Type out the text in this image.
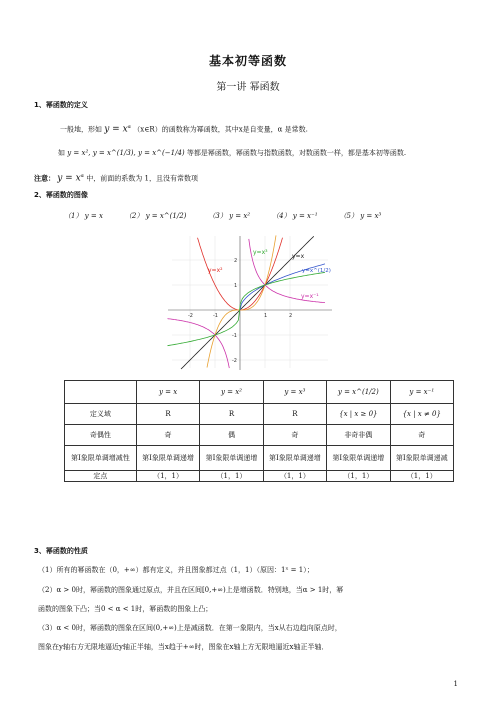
基本初等函数
第一讲 幂函数
1、幂函数的定义
一般地，形如 $y = x^\alpha$ （x∈R）的函数称为幂函数，其中x是自变量，α 是常数.
如 y = x², y = x^(1/3), y = x^(−1/4) 等都是幂函数，幂函数与指数函数，对数函数一样，都是基本初等函数.
注意： $y = x^\alpha$ 中，前面的系数为 1，且没有常数项
2、幂函数的图像
（1） y = x	（2） y = x^(1/2)	（3） y = x²	（4） y = x⁻¹	（5） y = x³
y=x²
y=x³
y=x
y=x^(1/2)
y=x⁻¹
-2	-1	1	2
2
1
-1
-2
	y = x	y = x²	y = x³	y = x^(1/2)	y = x⁻¹
定义域	R	R	R	{x | x ≥ 0}	{x | x ≠ 0}
奇偶性	奇	偶	奇	非奇非偶	奇
第Ⅰ象限单调增减性	第Ⅰ象限单调递增	第Ⅰ象限单调递增	第Ⅰ象限单调递增	第Ⅰ象限单调递增	第Ⅰ象限单调递减
定点	（1，1）	（1，1）	（1，1）	（1，1）	（1，1）
3、幂函数的性质
（1）所有的幂函数在（0，+∞）都有定义，并且图象都过点（1，1）（原因：1ˣ = 1）；
（2）α > 0时，幂函数的图象通过原点，并且在区间[0,+∞)上是增函数．特别地，当α > 1时，幂
函数的图象下凸；当0 < α < 1时，幂函数的图象上凸；
（3）α < 0时，幂函数的图象在区间(0,+∞)上是减函数．在第一象限内，当x从右边趋向原点时，
图象在y轴右方无限地逼近y轴正半轴，当x趋于+∞时，图象在x轴上方无限地逼近x轴正半轴．
1
